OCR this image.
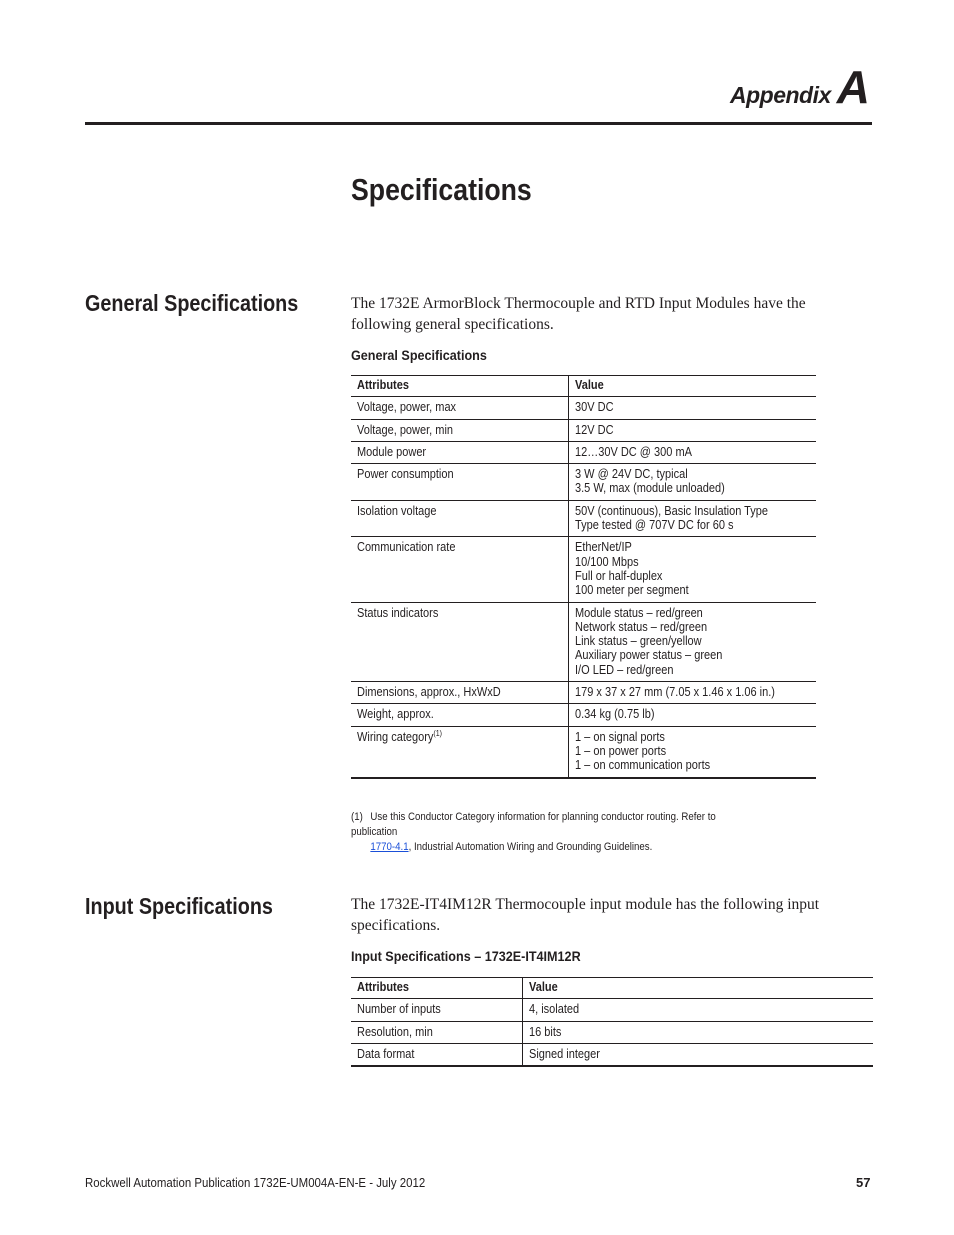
Appendix A
Specifications
General Specifications	The 1732E ArmorBlock Thermocouple and RTD Input Modules have the following general specifications.
General Specifications
Attributes	Value
Voltage, power, max	30V DC
Voltage, power, min	12V DC
Module power	12…30V DC @ 300 mA
Power consumption	3 W @ 24V DC, typical
3.5 W, max (module unloaded)
Isolation voltage	50V (continuous), Basic Insulation Type
Type tested @ 707V DC for 60 s
Communication rate	EtherNet/IP
10/100 Mbps
Full or half-duplex
100 meter per segment
Status indicators	Module status – red/green
Network status – red/green
Link status – green/yellow
Auxiliary power status – green
I/O LED – red/green
Dimensions, approx., HxWxD	179 x 37 x 27 mm (7.05 x 1.46 x 1.06 in.)
Weight, approx.	0.34 kg (0.75 lb)
Wiring category$^{(1)}$	1 – on signal ports
1 – on power ports
1 – on communication ports
(1) Use this Conductor Category information for planning conductor routing. Refer to publication
1770-4.1, Industrial Automation Wiring and Grounding Guidelines.
Input Specifications	The 1732E-IT4IM12R Thermocouple input module has the following input specifications.
Input Specifications – 1732E-IT4IM12R
Attributes	Value
Number of inputs	4, isolated
Resolution, min	16 bits
Data format	Signed integer
Rockwell Automation Publication 1732E-UM004A-EN-E - July 2012	57
